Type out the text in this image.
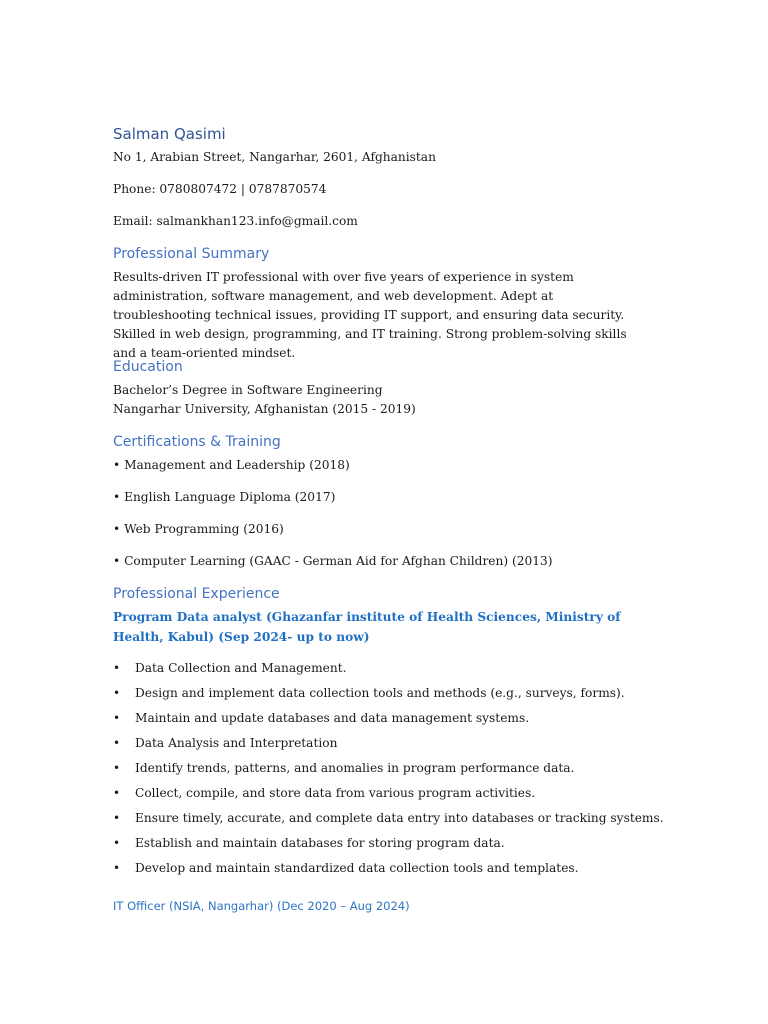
Salman Qasimi
No 1, Arabian Street, Nangarhar, 2601, Afghanistan
Phone: 0780807472 | 0787870574
Email: salmankhan123.info@gmail.com
Professional Summary
Results-driven IT professional with over five years of experience in system administration, software management, and web development. Adept at troubleshooting technical issues, providing IT support, and ensuring data security. Skilled in web design, programming, and IT training. Strong problem-solving skills and a team-oriented mindset.
Education
Bachelor’s Degree in Software Engineering
Nangarhar University, Afghanistan (2015 - 2019)
Certifications & Training
• Management and Leadership (2018)
• English Language Diploma (2017)
• Web Programming (2016)
• Computer Learning (GAAC - German Aid for Afghan Children) (2013)
Professional Experience
Program Data analyst (Ghazanfar institute of Health Sciences, Ministry of Health, Kabul) (Sep 2024- up to now)
• Data Collection and Management.
• Design and implement data collection tools and methods (e.g., surveys, forms).
• Maintain and update databases and data management systems.
• Data Analysis and Interpretation
• Identify trends, patterns, and anomalies in program performance data.
• Collect, compile, and store data from various program activities.
• Ensure timely, accurate, and complete data entry into databases or tracking systems.
• Establish and maintain databases for storing program data.
• Develop and maintain standardized data collection tools and templates.
IT Officer (NSIA, Nangarhar) (Dec 2020 – Aug 2024)
